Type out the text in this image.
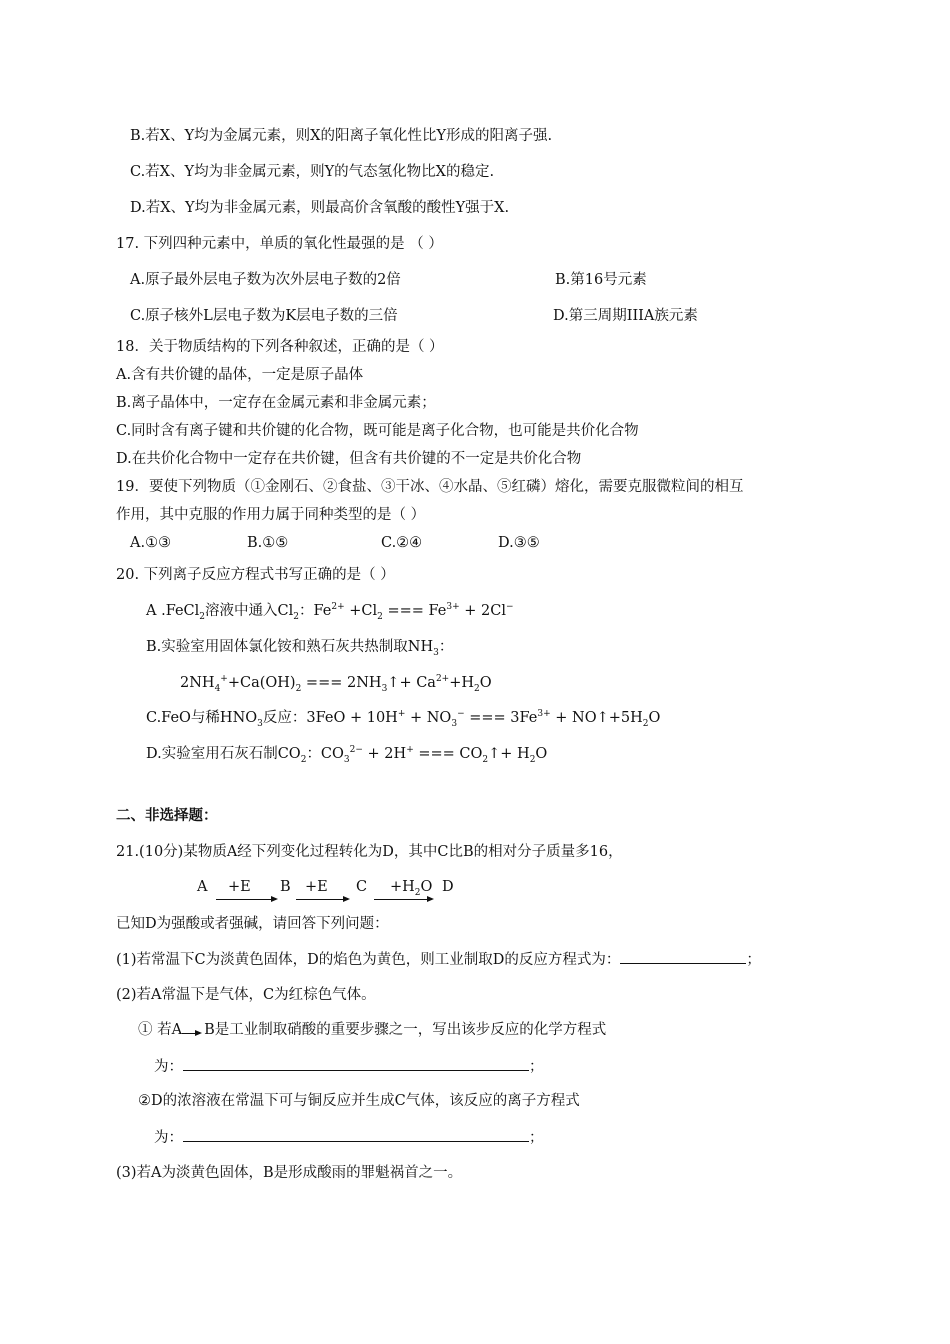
B.若X、Y均为金属元素，则X的阳离子氧化性比Y形成的阳离子强.
C.若X、Y均为非金属元素，则Y的气态氢化物比X的稳定.
D.若X、Y均为非金属元素，则最高价含氧酸的酸性Y强于X.
17. 下列四种元素中，单质的氧化性最强的是 （ ）
A.原子最外层电子数为次外层电子数的2倍	B.第16号元素
C.原子核外L层电子数为K层电子数的三倍	D.第三周期IIIA族元素
18．关于物质结构的下列各种叙述，正确的是（ ）
A.含有共价键的晶体，一定是原子晶体
B.离子晶体中，一定存在金属元素和非金属元素；
C.同时含有离子键和共价键的化合物，既可能是离子化合物，也可能是共价化合物
D.在共价化合物中一定存在共价键，但含有共价键的不一定是共价化合物
19．要使下列物质（①金刚石、②食盐、③干冰、④水晶、⑤红磷）熔化，需要克服微粒间的相互
作用，其中克服的作用力属于同种类型的是（ ）
A.①③	B.①⑤	C.②④	D.③⑤
20. 下列离子反应方程式书写正确的是（ ）
A .FeCl$_2$溶液中通入$Cl_2$：$Fe^{2+} +Cl_2$ === $Fe^{3+} + 2Cl^-$
B.实验室用固体氯化铵和熟石灰共热制取$NH_3$：
$2NH_4^++Ca(OH)_2$ === $2NH_3↑+ Ca^{2+}+H_2O$
C.FeO与稀$HNO_3$反应：$3FeO + 10H^+ + NO_3^-$ === $3Fe^{3+}$ + $NO↑+5H_2O$
D.实验室用石灰石制$CO_2$：$CO_3^{2-} + 2H^+$ === $CO_2↑+ H_2O$
二、非选择题：
21.(10分)某物质A经下列变化过程转化为D，其中C比B的相对分子质量多16，
A +E B +E $C +H_2O$ D
已知D为强酸或者强碱，请回答下列问题：
(1)若常温下C为淡黄色固体，D的焰色为黄色，则工业制取D的反应方程式为：	；
(2)若A常温下是气体，C为红棕色气体。
① 若A B是工业制取硝酸的重要步骤之一，写出该步反应的化学方程式
为：	；
②D的浓溶液在常温下可与铜反应并生成C气体，该反应的离子方程式
为：	；
(3)若A为淡黄色固体，B是形成酸雨的罪魁祸首之一。
